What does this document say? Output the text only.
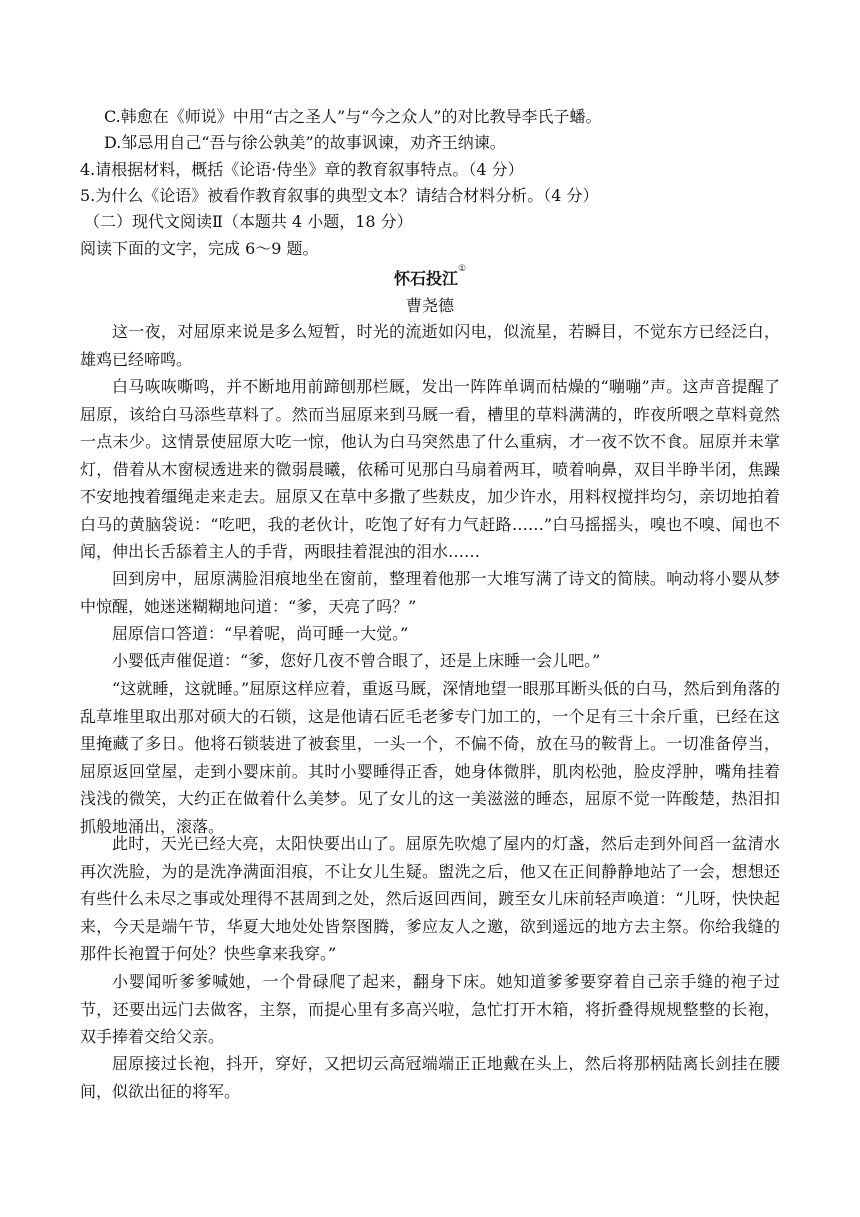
C.韩愈在《师说》中用“古之圣人”与“今之众人”的对比教导李氏子蟠。
D.邹忌用自己“吾与徐公孰美”的故事讽谏，劝齐王纳谏。
4.请根据材料，概括《论语·侍坐》章的教育叙事特点。（4 分）
5.为什么《论语》被看作教育叙事的典型文本？请结合材料分析。（4 分）
（二）现代文阅读Ⅱ（本题共 4 小题，18 分）
阅读下面的文字，完成 6～9 题。
怀石投江①
曹尧德

这一夜，对屈原来说是多么短暂，时光的流逝如闪电，似流星，若瞬目，不觉东方已经泛白，雄鸡已经啼鸣。

白马咴咴嘶鸣，并不断地用前蹄刨那栏厩，发出一阵阵单调而枯燥的“嘣嘣”声。这声音提醒了屈原，该给白马添些草料了。然而当屈原来到马厩一看，槽里的草料满满的，昨夜所喂之草料竟然一点未少。这情景使屈原大吃一惊，他认为白马突然患了什么重病，才一夜不饮不食。屈原并未掌灯，借着从木窗棂透进来的微弱晨曦，依稀可见那白马扇着两耳，喷着响鼻，双目半睁半闭，焦躁不安地拽着缰绳走来走去。屈原又在草中多撒了些麸皮，加少许水，用料杈搅拌均匀，亲切地拍着白马的黄脑袋说：“吃吧，我的老伙计，吃饱了好有力气赶路……”白马摇摇头，嗅也不嗅、闻也不闻，伸出长舌舔着主人的手背，两眼挂着混浊的泪水……

回到房中，屈原满脸泪痕地坐在窗前，整理着他那一大堆写满了诗文的简牍。响动将小婴从梦中惊醒，她迷迷糊糊地问道：“爹，天亮了吗？”

屈原信口答道：“早着呢，尚可睡一大觉。”

小婴低声催促道：“爹，您好几夜不曾合眼了，还是上床睡一会儿吧。”

“这就睡，这就睡。”屈原这样应着，重返马厩，深情地望一眼那耳断头低的白马，然后到角落的乱草堆里取出那对硕大的石锁，这是他请石匠毛老爹专门加工的，一个足有三十余斤重，已经在这里掩藏了多日。他将石锁装进了被套里，一头一个，不偏不倚，放在马的鞍背上。一切准备停当，屈原返回堂屋，走到小婴床前。其时小婴睡得正香，她身体微胖，肌肉松弛，脸皮浮肿，嘴角挂着浅浅的微笑，大约正在做着什么美梦。见了女儿的这一美滋滋的睡态，屈原不觉一阵酸楚，热泪扣抓般地涌出，滚落。

此时，天光已经大亮，太阳快要出山了。屈原先吹熄了屋内的灯盏，然后走到外间舀一盆清水再次洗脸，为的是洗净满面泪痕，不让女儿生疑。盥洗之后，他又在正间静静地站了一会，想想还有些什么未尽之事或处理得不甚周到之处，然后返回西间，踱至女儿床前轻声唤道：“儿呀，快快起来，今天是端午节，华夏大地处处皆祭图腾，爹应友人之邀，欲到遥远的地方去主祭。你给我缝的那件长袍置于何处？快些拿来我穿。”

小婴闻听爹爹喊她，一个骨碌爬了起来，翻身下床。她知道爹爹要穿着自己亲手缝的袍子过节，还要出远门去做客，主祭，而提心里有多高兴啦，急忙打开木箱，将折叠得规规整整的长袍，双手捧着交给父亲。

屈原接过长袍，抖开，穿好，又把切云高冠端端正正地戴在头上，然后将那柄陆离长剑挂在腰间，似欲出征的将军。
